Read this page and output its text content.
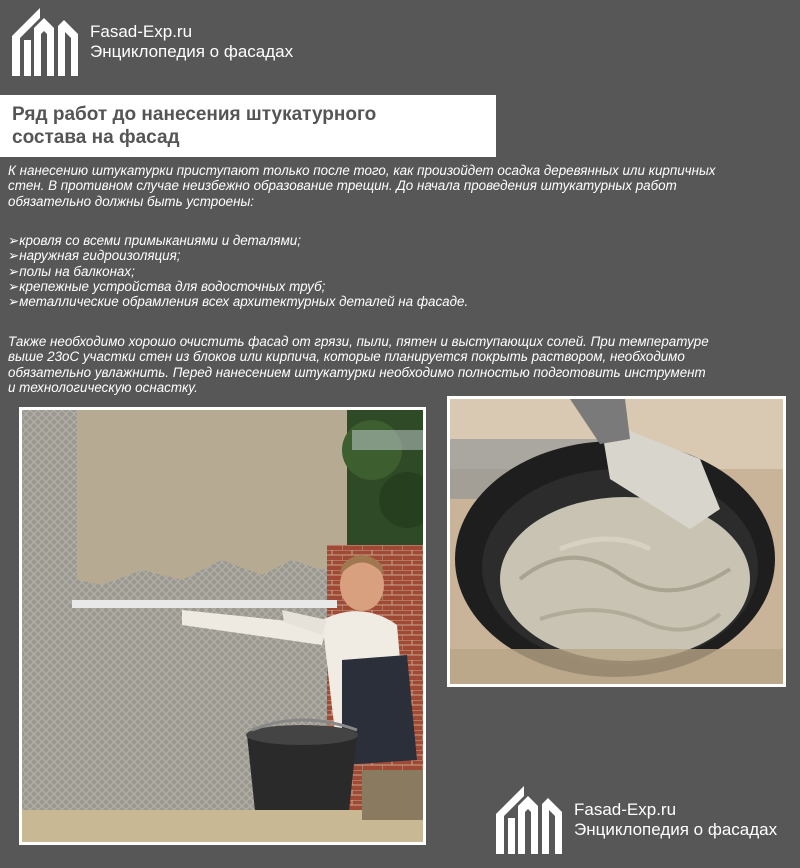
Fasad-Exp.ru
Энциклопедия о фасадах
Ряд работ до нанесения штукатурного
состава на фасад
К нанесению штукатурки приступают только после того, как произойдет осадка деревянных или кирпичных
стен. В противном случае неизбежно образование трещин. До начала проведения штукатурных работ
обязательно должны быть устроены:
➢ кровля со всеми примыканиями и деталями;
➢ наружная гидроизоляция;
➢ полы на балконах;
➢ крепежные устройства для водосточных труб;
➢ металлические обрамления всех архитектурных деталей на фасаде.
Также необходимо хорошо очистить фасад от грязи, пыли, пятен и выступающих солей. При температуре
выше 23оС участки стен из блоков или кирпича, которые планируется покрыть раствором, необходимо
обязательно увлажнить. Перед нанесением штукатурки необходимо полностью подготовить инструмент
и технологическую оснастку.
Fasad-Exp.ru
Энциклопедия о фасадах
